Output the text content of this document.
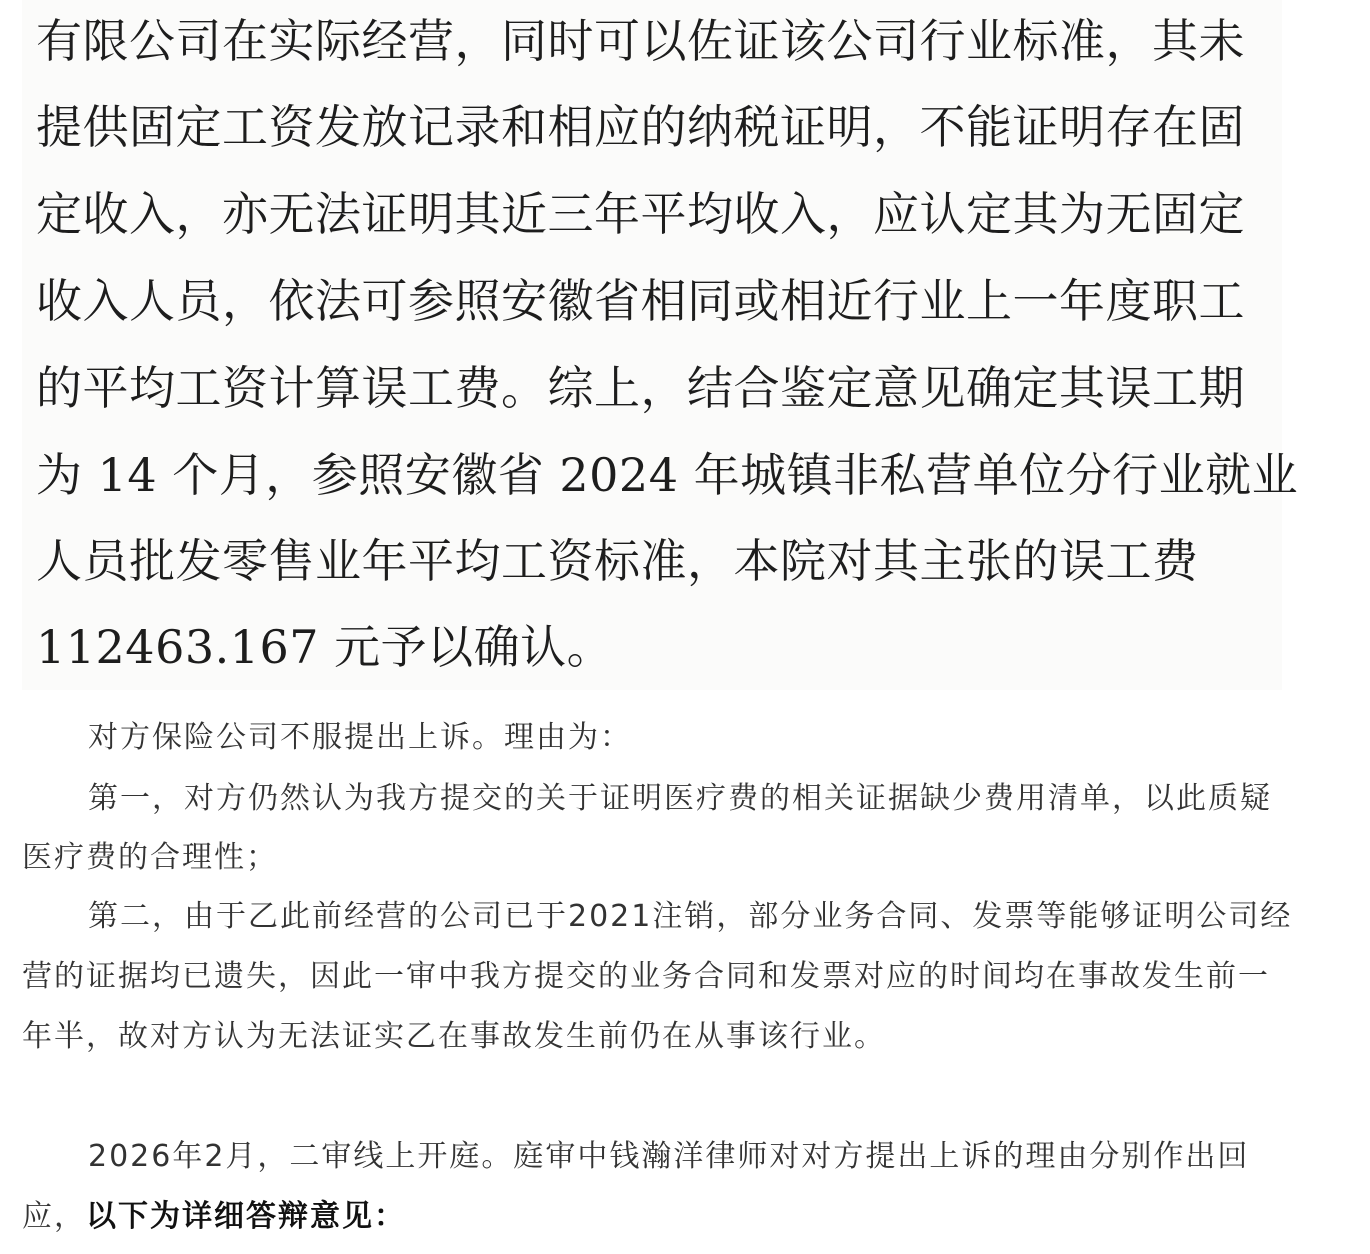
有限公司在实际经营，同时可以佐证该公司行业标准，其未
提供固定工资发放记录和相应的纳税证明，不能证明存在固
定收入，亦无法证明其近三年平均收入，应认定其为无固定
收入人员，依法可参照安徽省相同或相近行业上一年度职工
的平均工资计算误工费。综上，结合鉴定意见确定其误工期
为 14 个月，参照安徽省 2024 年城镇非私营单位分行业就业
人员批发零售业年平均工资标准，本院对其主张的误工费
112463.167 元予以确认。
对方保险公司不服提出上诉。理由为：
第一，对方仍然认为我方提交的关于证明医疗费的相关证据缺少费用清单，以此质疑
医疗费的合理性；
第二，由于乙此前经营的公司已于2021注销，部分业务合同、发票等能够证明公司经
营的证据均已遗失，因此一审中我方提交的业务合同和发票对应的时间均在事故发生前一
年半，故对方认为无法证实乙在事故发生前仍在从事该行业。
2026年2月，二审线上开庭。庭审中钱瀚洋律师对对方提出上诉的理由分别作出回
应，以下为详细答辩意见：
